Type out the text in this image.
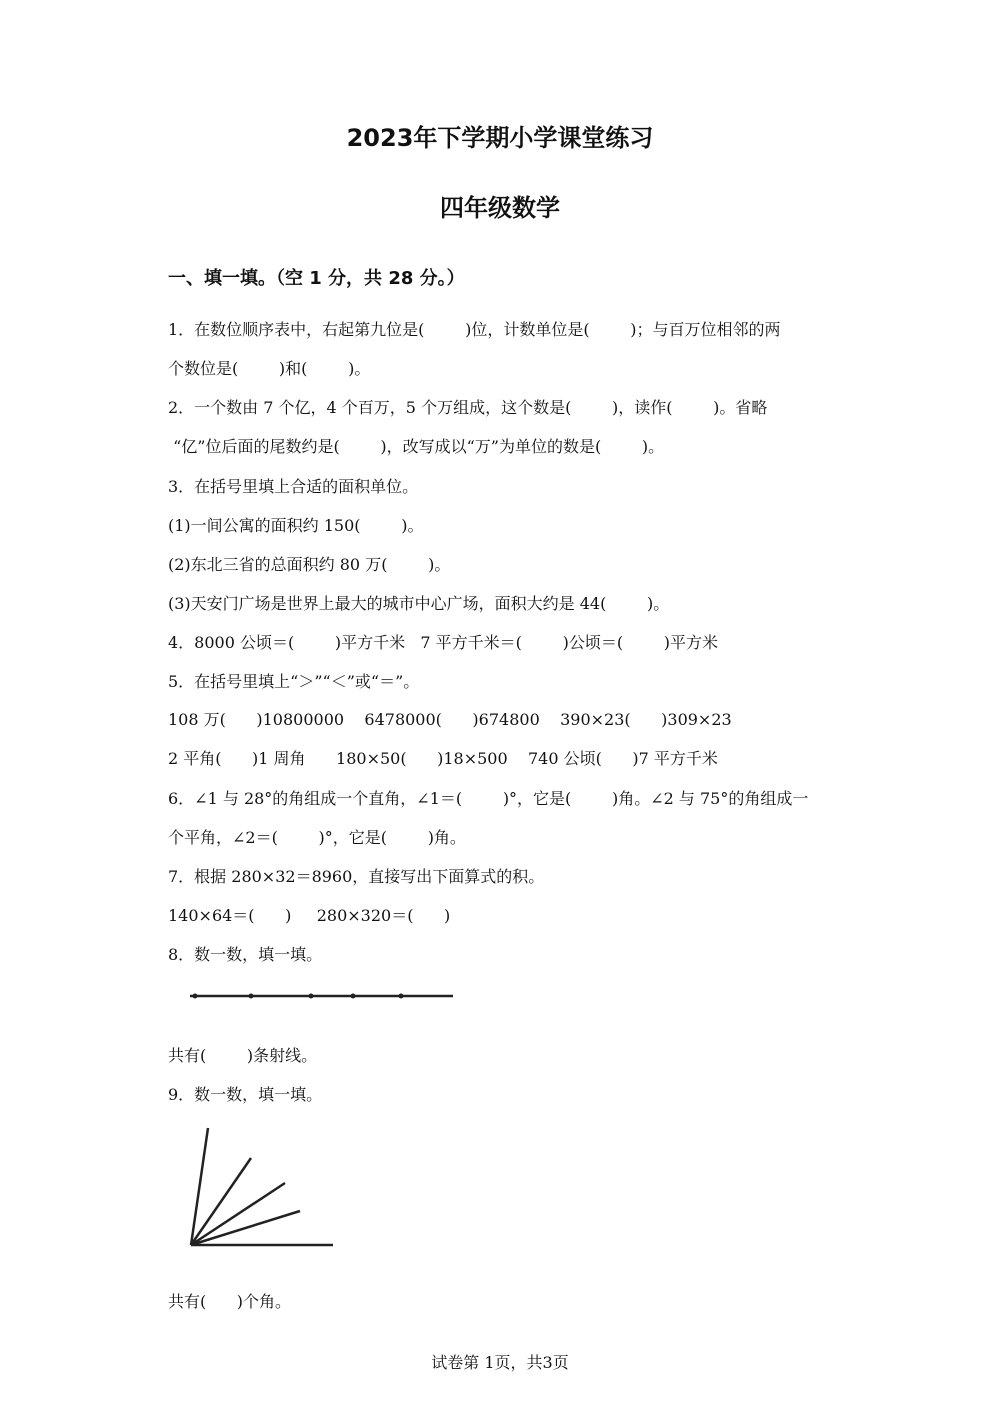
2023年下学期小学课堂练习
四年级数学
一、填一填。（空 1 分，共 28 分。）
1．在数位顺序表中，右起第九位是(        )位，计数单位是(        )；与百万位相邻的两
个数位是(        )和(        )。
2．一个数由 7 个亿，4 个百万，5 个万组成，这个数是(        )，读作(        )。省略
“亿”位后面的尾数约是(        )，改写成以“万”为单位的数是(        )。
3．在括号里填上合适的面积单位。
(1)一间公寓的面积约 150(        )。
(2)东北三省的总面积约 80 万(        )。
(3)天安门广场是世界上最大的城市中心广场，面积大约是 44(        )。
4．8000 公顷＝(        )平方千米   7 平方千米＝(        )公顷＝(        )平方米
5．在括号里填上“＞”“＜”或“＝”。
108 万(      )10800000    6478000(      )674800    390×23(      )309×23
2 平角(      )1 周角      180×50(      )18×500    740 公顷(      )7 平方千米
6．∠1 与 28°的角组成一个直角，∠1＝(        )°，它是(        )角。∠2 与 75°的角组成一
个平角，∠2＝(        )°，它是(        )角。
7．根据 280×32＝8960，直接写出下面算式的积。
140×64＝(      )     280×320＝(      )
8．数一数，填一填。
共有(        )条射线。
9．数一数，填一填。
共有(      )个角。
试卷第 1页，共3页
